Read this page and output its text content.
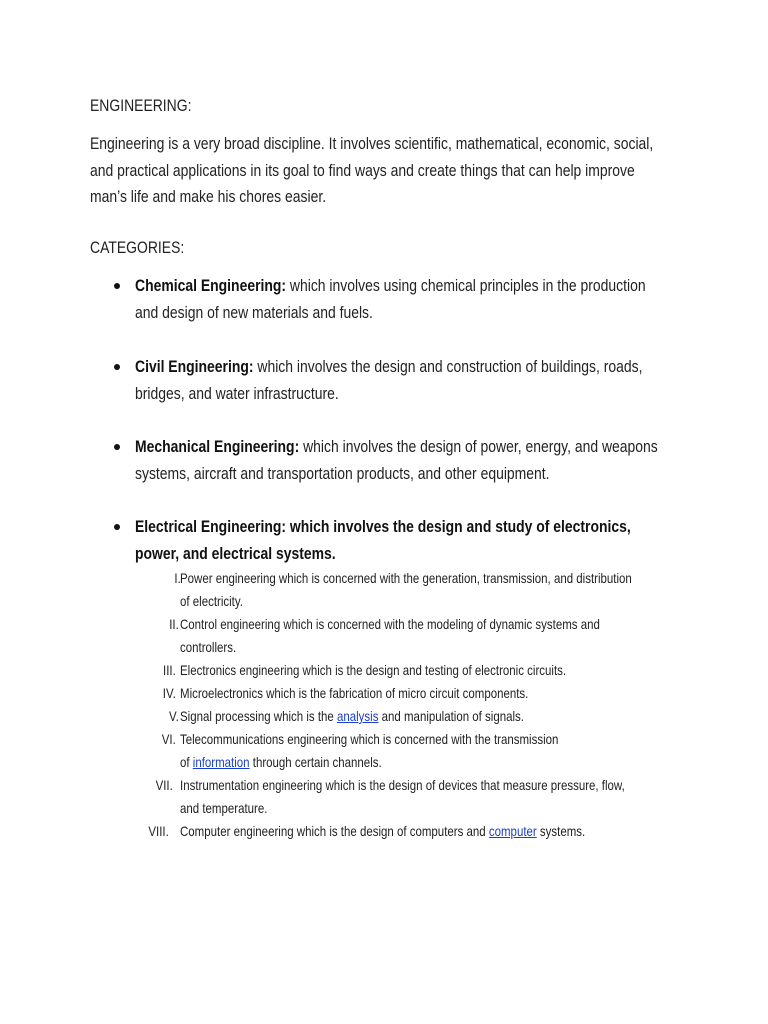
ENGINEERING:
Engineering is a very broad discipline. It involves scientific, mathematical, economic, social,
and practical applications in its goal to find ways and create things that can help improve
man’s life and make his chores easier.
CATEGORIES:
Chemical Engineering: which involves using chemical principles in the production
and design of new materials and fuels.
Civil Engineering: which involves the design and construction of buildings, roads,
bridges, and water infrastructure.
Mechanical Engineering: which involves the design of power, energy, and weapons
systems, aircraft and transportation products, and other equipment.
Electrical Engineering: which involves the design and study of electronics,
power, and electrical systems.
I. Power engineering which is concerned with the generation, transmission, and distribution
of electricity.
II. Control engineering which is concerned with the modeling of dynamic systems and
controllers.
III. Electronics engineering which is the design and testing of electronic circuits.
IV. Microelectronics which is the fabrication of micro circuit components.
V. Signal processing which is the analysis and manipulation of signals.
VI. Telecommunications engineering which is concerned with the transmission
of information through certain channels.
VII. Instrumentation engineering which is the design of devices that measure pressure, flow,
and temperature.
VIII. Computer engineering which is the design of computers and computer systems.
